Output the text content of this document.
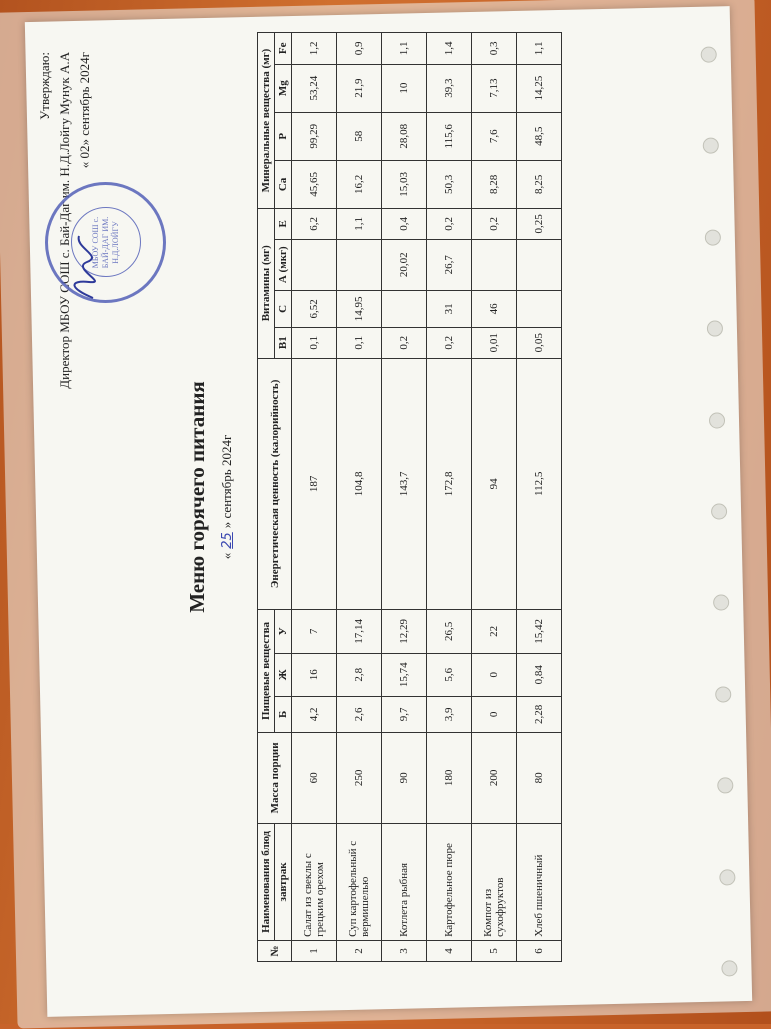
Утверждаю:
Директор МБОУ СОШ с. Бай-Даг им. Н.Д.Лойгу Мунук А.А « 02» сентябрь 2024г
МБОУ СОШ с. БАЙ-ДАГ ИМ. Н.Д.ЛОЙГУ
Меню горячего питания «25» сентябрь 2024г
№	Наименования блюд	Масса порции	Пищевые вещества			Энергетическая ценность (калорийность)	Витамины (мг)				Минеральные вещества (мг)			
	завтрак		Б	Ж	У		В1	С	А (мкг)	Е	Са	Р	Mg	Fe
1	Салат из свеклы с грецким орехом	60	4,2	16	7	187	0,1	6,52		6,2	45,65	99,29	53,24	1,2
2	Суп картофельный с вермишелью	250	2,6	2,8	17,14	104,8	0,1	14,95		1,1	16,2	58	21,9	0,9
3	Котлета рыбная	90	9,7	15,74	12,29	143,7	0,2		20,02	0,4	15,03	28,08	10	1,1
4	Картофельное пюре	180	3,9	5,6	26,5	172,8	0,2	31	26,7	0,2	50,3	115,6	39,3	1,4
5	Компот из сухофруктов	200	0	0	22	94	0,01	46		0,2	8,28	7,6	7,13	0,3
6	Хлеб пшеничный	80	2,28	0,84	15,42	112,5	0,05			0,25	8,25	48,5	14,25	1,1
